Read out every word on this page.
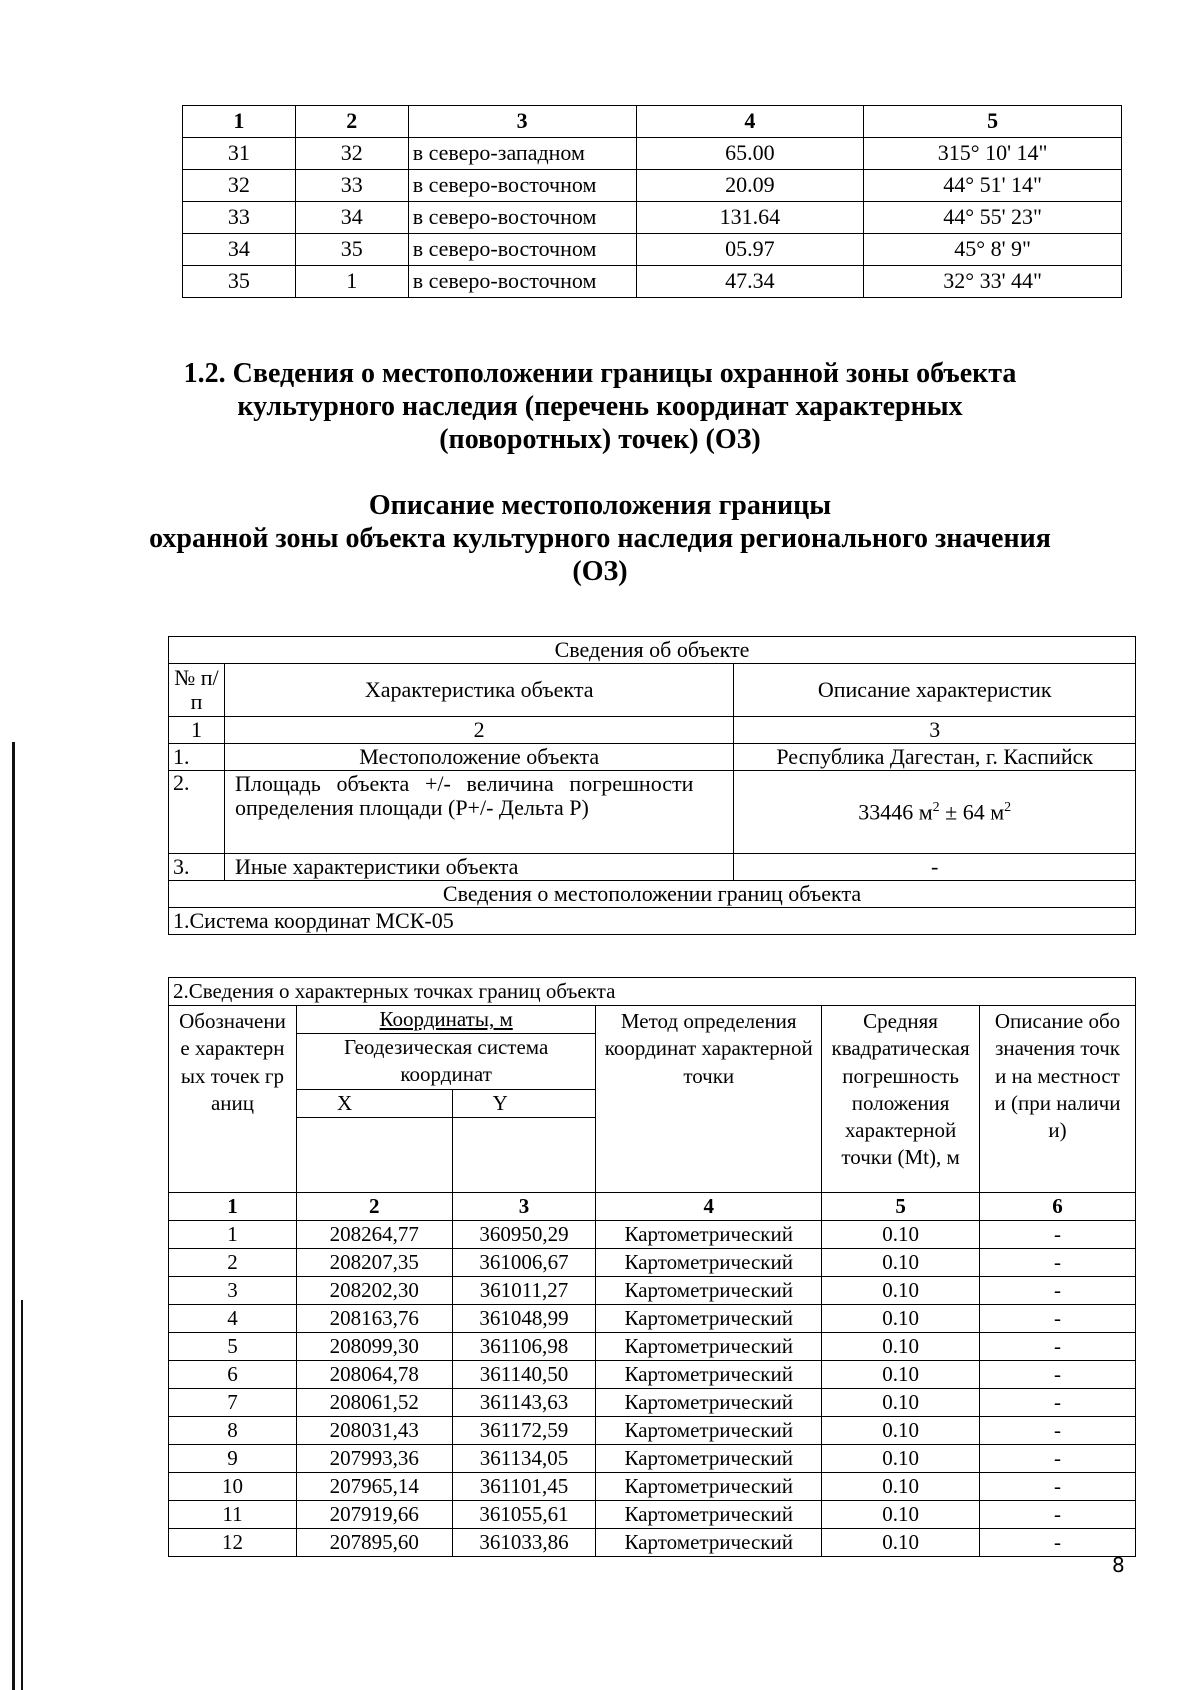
1	2	3	4	5
31	32	в северо-западном	65.00	315° 10' 14"
32	33	в северо-восточном	20.09	44° 51' 14"
33	34	в северо-восточном	131.64	44° 55' 23"
34	35	в северо-восточном	05.97	45° 8' 9"
35	1	в северо-восточном	47.34	32° 33' 44"
1.2. Сведения о местоположении границы охранной зоны объекта
культурного наследия (перечень координат характерных
(поворотных) точек) (ОЗ)
Описание местоположения границы
охранной зоны объекта культурного наследия регионального значения
(ОЗ)
Сведения об объекте		
№ п/п	Характеристика объекта	Описание характеристик
1	2	3
1.	Местоположение объекта	Республика Дагестан, г. Каспийск
2.	Площадь объекта +/- величина погрешности определения площади (Р+/- Дельта Р)	33446 $м^2 \pm 64$ $м^2$
3.	Иные характеристики объекта	-
Сведения о местоположении границ объекта		
1.Система координат МСК-05		
2.Сведения о характерных точках границ объекта					

Обозначение характерных точек границ	Координаты, м		Метод определения координат характерной точки	Средняя квадратическая погрешность положения характерной точки (Mt), м	Описание обозначения точки на местности (при наличии)

	Геодезическая система координат				
	X	Y			

1	2	3	4	5	6
1	208264,77	360950,29	Картометрический	0.10	-
2	208207,35	361006,67	Картометрический	0.10	-
3	208202,30	361011,27	Картометрический	0.10	-
4	208163,76	361048,99	Картометрический	0.10	-
5	208099,30	361106,98	Картометрический	0.10	-
6	208064,78	361140,50	Картометрический	0.10	-
7	208061,52	361143,63	Картометрический	0.10	-
8	208031,43	361172,59	Картометрический	0.10	-
9	207993,36	361134,05	Картометрический	0.10	-
10	207965,14	361101,45	Картометрический	0.10	-
11	207919,66	361055,61	Картометрический	0.10	-
12	207895,60	361033,86	Картометрический	0.10	-
8
